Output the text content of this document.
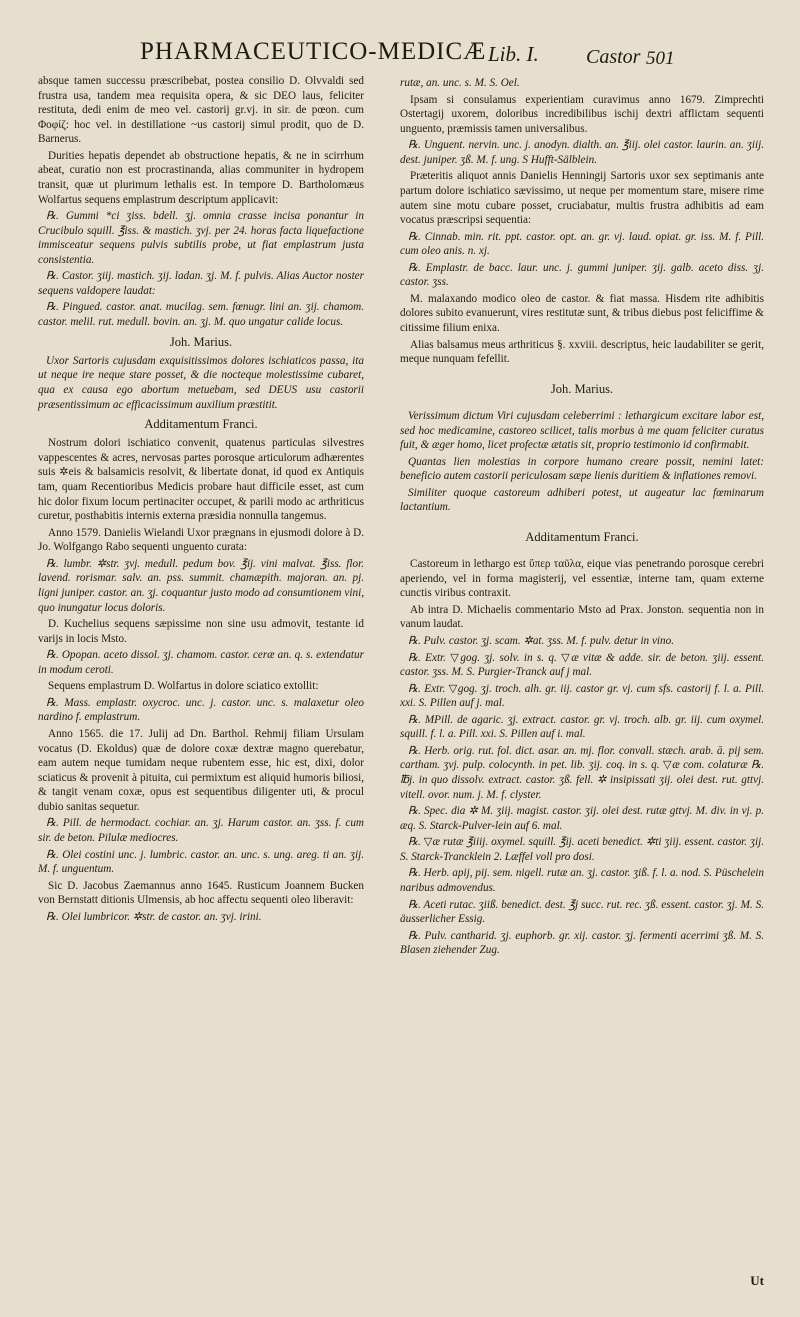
PHARMACEUTICO-MEDICÆ Lib. I. Castor 501

absque tamen successu præscribebat, postea consilio D. Olvvaldi sed frustra usa, tandem mea requisita opera, & sic DEO laus, feliciter restituta, dedi enim de meo vel. castorij gr.vj. in sir. de pœon. cum Φοφίζ: hoc vel. in destillatione ~us castorij simul prodit, quo de D. Barnerus.

Durities hepatis dependet ab obstructione hepatis, & ne in scirrhum abeat, curatio non est procrastinanda, alias communiter in hydropem transit, quæ ut plurimum lethalis est. In tempore D. Bartholomæus Wolfartus sequens emplastrum descriptum applicavit:

℞. Gummi *ci ʒiss. bdell. ʒj. omnia crasse incisa ponantur in Crucibulo squill. ℥iss. & mastich. ʒvj. per 24. horas facta liquefactione immisceatur sequens pulvis subtilis probe, ut fiat emplastrum justa consistentia.

℞. Castor. ʒiij. mastich. ʒij. ladan. ʒj. M. f. pulvis. Alias Auctor noster sequens valdopere laudat:

℞. Pingued. castor. anat. mucilag. sem. fœnugr. lini an. ʒij. chamom. castor. melil. rut. medull. bovin. an. ʒj. M. quo ungatur calide locus.

Joh. Marius.

Uxor Sartoris cujusdam exquisitissimos dolores ischiaticos passa, ita ut neque ire neque stare posset, & die nocteque molestissime cubaret, qua ex causa ego abortum metuebam, sed DEUS usu castorii præsentissimum ac efficacissimum auxilium præstitit.

Additamentum Franci.

Nostrum dolori ischiatico convenit, quatenus particulas silvestres vappescentes & acres, nervosas partes porosque articulorum adhærentes suis ✲eis & balsamicis resolvit, & libertate donat, id quod ex Antiquis tam, quam Recentioribus Medicis probare haut difficile esset, ast cum hic dolor fixum locum pertinaciter occupet, & parili modo ac arthriticus curetur, posthabitis internis externa præsidia nonnulla tangemus.

Anno 1579. Danielis Wielandi Uxor prægnans in ejusmodi dolore à D. Jo. Wolfgango Rabo sequenti unguento curata:

℞. lumbr. ✲str. ʒvj. medull. pedum bov. ℥ij. vini malvat. ℥iss. flor. lavend. rorismar. salv. an. pss. summit. chamæpith. majoran. an. pj. ligni juniper. castor. an. ʒj. coquantur justo modo ad consumtionem vini, quo inungatur locus doloris.

D. Kuchelius sequens sæpissime non sine usu admovit, testante id varijs in locis Msto.

℞. Opopan. aceto dissol. ʒj. chamom. castor. ceræ an. q. s. extendatur in modum ceroti.

Sequens emplastrum D. Wolfartus in dolore sciatico extollit:

℞. Mass. emplastr. oxycroc. unc. j. castor. unc. s. malaxetur oleo nardino f. emplastrum.

Anno 1565. die 17. Julij ad Dn. Barthol. Rehmij filiam Ursulam vocatus (D. Ekoldus) quæ de dolore coxæ dextræ magno querebatur, eam autem neque tumidam neque rubentem esse, hic est, dixi, dolor sciaticus & provenit à pituita, cui permixtum est aliquid humoris biliosi, & tangit venam coxæ, opus est sequentibus diligenter uti, & procul dubio sanitas sequetur.

℞. Pill. de hermodact. cochiar. an. ʒj. Harum castor. an. ʒss. f. cum sir. de beton. Pilulæ mediocres.

℞. Olei costini unc. j. lumbric. castor. an. unc. s. ung. areg. ti an. ʒij. M. f. unguentum.

Sic D. Jacobus Zaemannus anno 1645. Rusticum Joannem Bucken von Bernstatt ditionis Ulmensis, ab hoc affectu sequenti oleo liberavit:

℞. Olei lumbricor. ✲str. de castor. an. ʒvj. irini.

rutæ, an. unc. s. M. S. Oel.

Ipsam si consulamus experientiam curavimus anno 1679. Zimprechti Ostertagij uxorem, doloribus incredibilibus ischij dextri afflictam sequenti unguento, præmissis tamen universalibus.

℞. Unguent. nervin. unc. j. anodyn. dialth. an. ℥iij. olei castor. laurin. an. ʒiij. dest. juniper. ʒß. M. f. ung. S Hufft-Sälblein.

Præteritis aliquot annis Danielis Henningij Sartoris uxor sex septimanis ante partum dolore ischiatico sævissimo, ut neque per momentum stare, misere rime autem sine motu cubare posset, cruciabatur, multis frustra adhibitis ad eam vocatus præscripsi sequentia:

℞. Cinnab. min. rit. ppt. castor. opt. an. gr. vj. laud. opiat. gr. iss. M. f. Pill. cum oleo anis. n. xj.

℞. Emplastr. de bacc. laur. unc. j. gummi juniper. ʒij. galb. aceto diss. ʒj. castor. ʒss.

M. malaxando modico oleo de castor. & fiat massa. Hisdem rite adhibitis dolores subito evanuerunt, vires restitutæ sunt, & tribus diebus post feliciffime & citissime filium enixa.

Alias balsamus meus arthriticus §. xxviii. descriptus, heic laudabiliter se gerit, meque nunquam fefellit.

Joh. Marius.

Verissimum dictum Viri cujusdam celeberrimi : lethargicum excitare labor est, sed hoc medicamine, castoreo scilicet, talis morbus à me quam feliciter curatus fuit, & æger homo, licet profectæ ætatis sit, proprio testimonio id confirmabit.

Quantas lien molestias in corpore humano creare possit, nemini latet: beneficio autem castorii periculosam sæpe lienis duritiem & inflationes removi.

Similiter quoque castoreum adhiberi potest, ut augeatur lac fœminarum lactantium.

Additamentum Franci.

Castoreum in lethargo est ὕπερ ταῦλα, eique vias penetrando porosque cerebri aperiendo, vel in forma magisterij, vel essentiæ, interne tam, quam externe cunctis viribus contraxit.

Ab intra D. Michaelis commentario Msto ad Prax. Jonston. sequentia non in vanum laudat.

℞. Pulv. castor. ʒj. scam. ✲at. ʒss. M. f. pulv. detur in vino.

℞. Extr. ▽gog. ʒj. solv. in s. q. ▽æ vitæ & adde. sir. de beton. ʒiij. essent. castor. ʒss. M. S. Purgier-Tranck auf j mal.

℞. Extr. ▽gog. ʒj. troch. alh. gr. iij. castor gr. vj. cum sfs. castorij f. l. a. Pill. xxi. S. Pillen auf j. mal.

℞. MPill. de agaric. ʒj. extract. castor. gr. vj. troch. alb. gr. iij. cum oxymel. squill. f. l. a. Pill. xxi. S. Pillen auf i. mal.

℞. Herb. orig. rut. fol. dict. asar. an. mj. flor. convall. stæch. arab. ā. pij sem. cartham. ʒvj. pulp. colocynth. in pet. lib. ʒij. coq. in s. q. ▽æ com. colaturæ ℞. ℔j. in quo dissolv. extract. castor. ʒß. fell. ✲ insipissati ʒij. olei dest. rut. gttvj. vitell. ovor. num. j. M. f. clyster.

℞. Spec. dia ✲ M. ʒiij. magist. castor. ʒij. olei dest. rutæ gttvj. M. div. in vj. p. æq. S. Starck-Pulver-lein auf 6. mal.

℞. ▽æ rutæ ℥iiij. oxymel. squill. ℥ij. aceti benedict. ✲ti ʒiij. essent. castor. ʒij. S. Starck-Trancklein 2. Læffel voll pro dosi.

℞. Herb. apij, pij. sem. nigell. rutæ an. ʒj. castor. ʒiß. f. l. a. nod. S. Püschelein naribus admovendus.

℞. Aceti rutac. ʒiiß. benedict. dest. ℥j succ. rut. rec. ʒß. essent. castor. ʒj. M. S. äusserlicher Essig.

℞. Pulv. cantharid. ʒj. euphorb. gr. xij. castor. ʒj. fermenti acerrimi ʒß. M. S. Blasen ziehender Zug.

Ut
